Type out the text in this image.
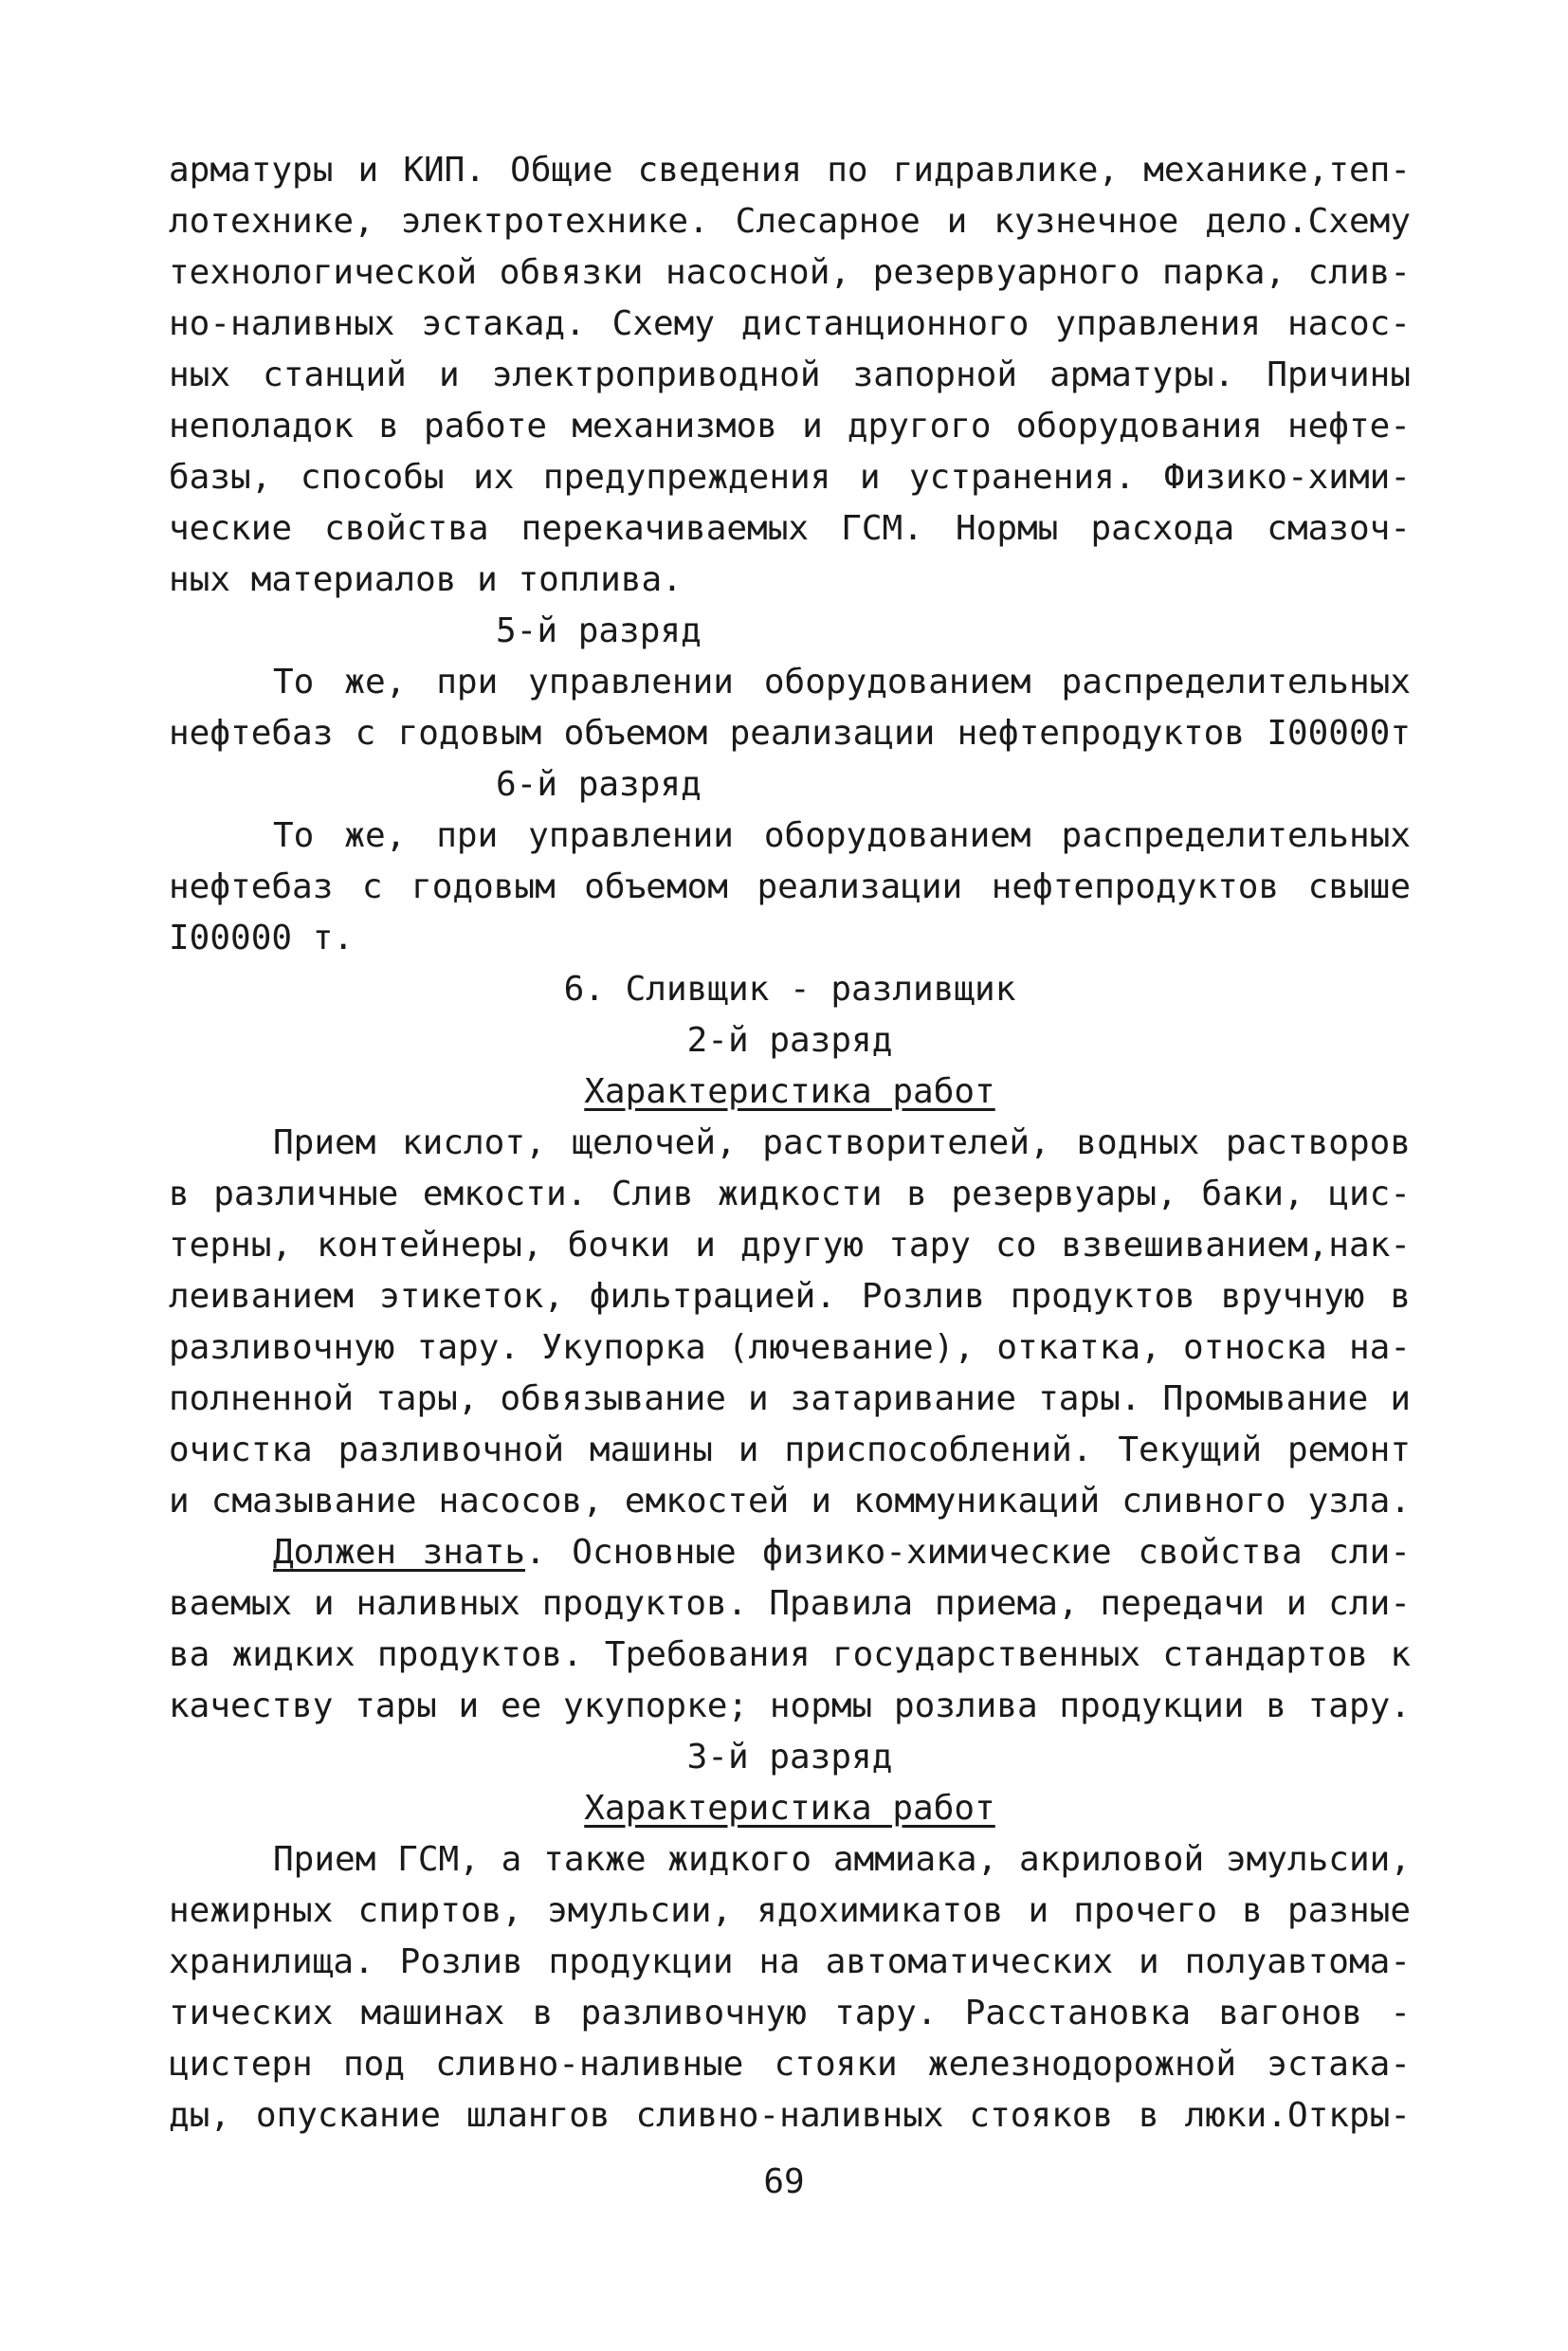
арматуры и КИП. Общие сведения по гидравлике, механике,теп-
лотехнике, электротехнике. Слесарное и кузнечное дело.Схему
технологической обвязки насосной, резервуарного парка, слив-
но-наливных эстакад. Схему дистанционного управления насос-
ных станций и электроприводной запорной арматуры. Причины
неполадок в работе механизмов и другого оборудования нефте-
базы, способы их предупреждения и устранения. Физико-хими-
ческие свойства перекачиваемых ГСМ. Нормы расхода смазоч-
ных материалов и топлива.
5-й разряд
То же, при управлении оборудованием распределительных
нефтебаз с годовым объемом реализации нефтепродуктов I00000т
6-й разряд
То же, при управлении оборудованием распределительных
нефтебаз с годовым объемом реализации нефтепродуктов свыше
I00000 т.
6. Сливщик - разливщик
2-й разряд
Характеристика работ
Прием кислот, щелочей, растворителей, водных растворов
в различные емкости. Слив жидкости в резервуары, баки, цис-
терны, контейнеры, бочки и другую тару со взвешиванием,нак-
леиванием этикеток, фильтрацией. Розлив продуктов вручную в
разливочную тару. Укупорка (лючевание), откатка, относка на-
полненной тары, обвязывание и затаривание тары. Промывание и
очистка разливочной машины и приспособлений. Текущий ремонт
и смазывание насосов, емкостей и коммуникаций сливного узла.
Должен знать. Основные физико-химические свойства сли-
ваемых и наливных продуктов. Правила приема, передачи и сли-
ва жидких продуктов. Требования государственных стандартов к
качеству тары и ее укупорке; нормы розлива продукции в тару.
3-й разряд
Характеристика работ
Прием ГСМ, а также жидкого аммиака, акриловой эмульсии,
нежирных спиртов, эмульсии, ядохимикатов и прочего в разные
хранилища. Розлив продукции на автоматических и полуавтома-
тических машинах в разливочную тару. Расстановка вагонов -
цистерн под сливно-наливные стояки железнодорожной эстака-
ды, опускание шлангов сливно-наливных стояков в люки.Откры-
69
